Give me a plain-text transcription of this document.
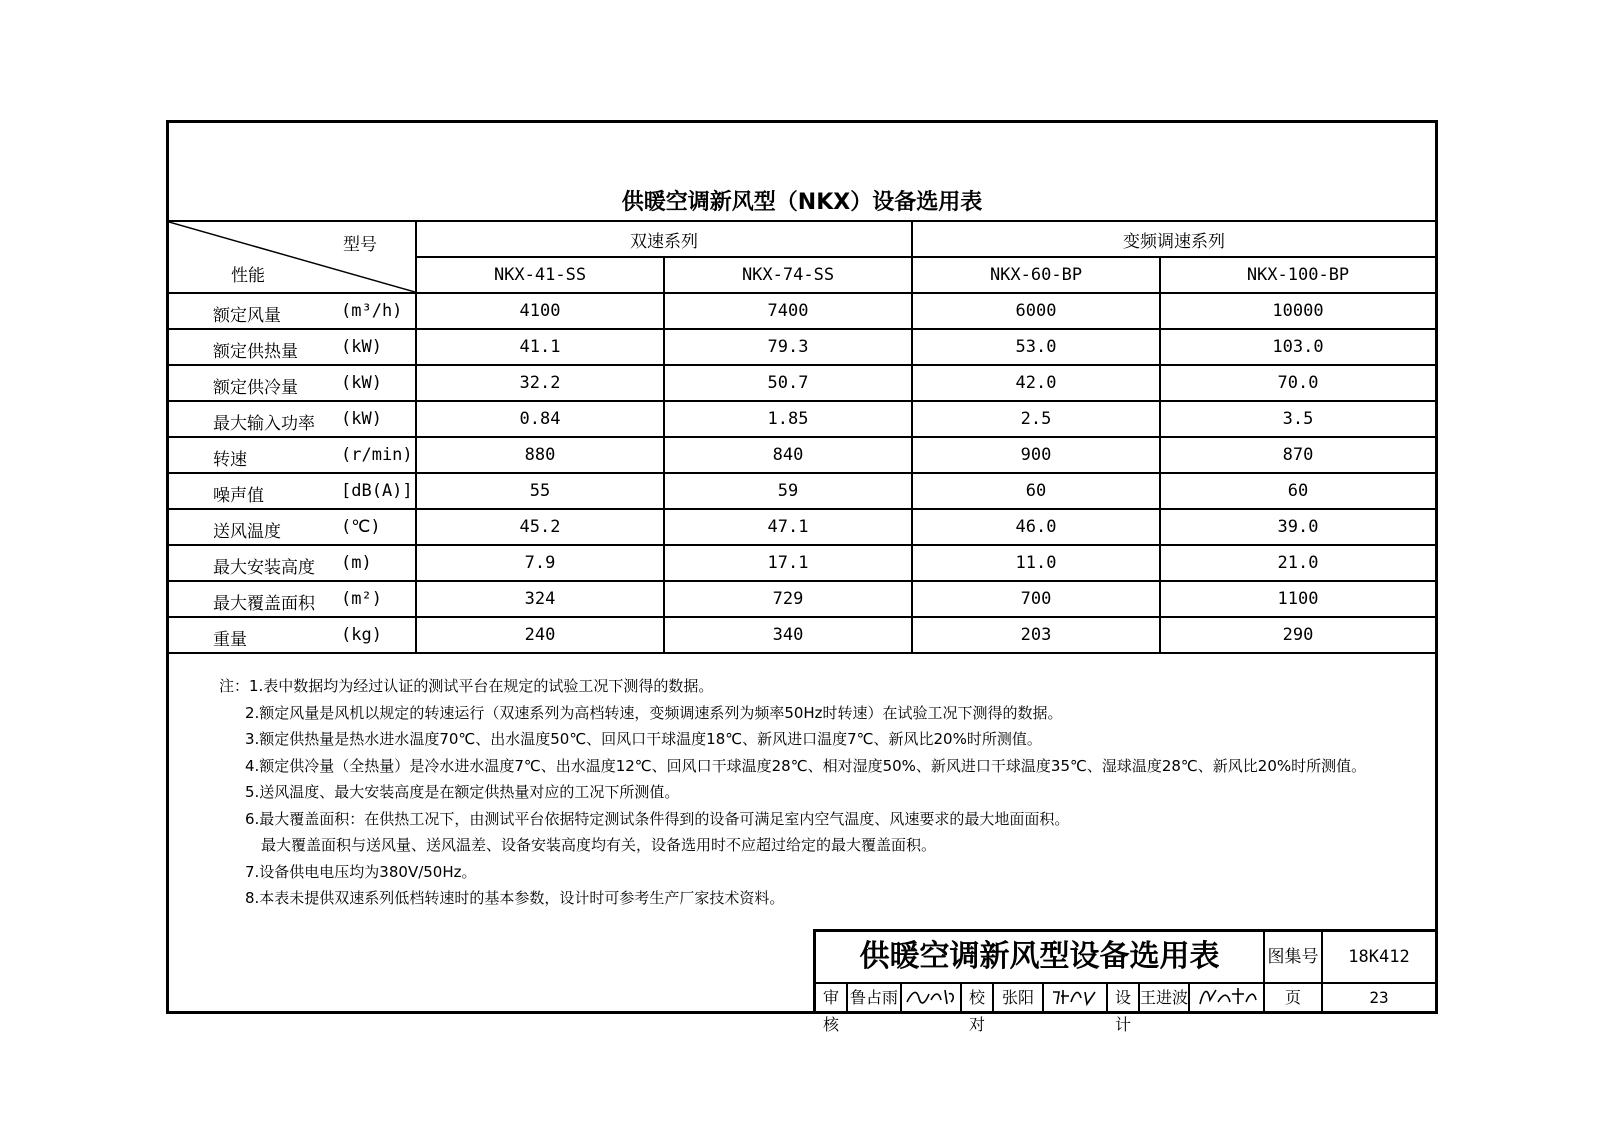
供暖空调新风型（NKX）设备选用表
型号
性能	双速系列		变频调速系列	
	NKX-41-SS	NKX-74-SS	NKX-60-BP	NKX-100-BP

额定风量 (m³/h)	4100	7400	6000	10000

额定供热量 (kW)	41.1	79.3	53.0	103.0

额定供冷量 (kW)	32.2	50.7	42.0	70.0

最大输入功率 (kW)	0.84	1.85	2.5	3.5

转速 (r/min)	880	840	900	870

噪声值 [dB(A)]	55	59	60	60

送风温度 (℃)	45.2	47.1	46.0	39.0

最大安装高度 (m)	7.9	17.1	11.0	21.0

最大覆盖面积 (m²)	324	729	700	1100

重量 (kg)	240	340	203	290
注：1.表中数据均为经过认证的测试平台在规定的试验工况下测得的数据。
2.额定风量是风机以规定的转速运行（双速系列为高档转速，变频调速系列为频率50Hz时转速）在试验工况下测得的数据。
3.额定供热量是热水进水温度70℃、出水温度50℃、回风口干球温度18℃、新风进口温度7℃、新风比20%时所测值。
4.额定供冷量（全热量）是冷水进水温度7℃、出水温度12℃、回风口干球温度28℃、相对湿度50%、新风进口干球温度35℃、湿球温度28℃、新风比20%时所测值。
5.送风温度、最大安装高度是在额定供热量对应的工况下所测值。
6.最大覆盖面积：在供热工况下，由测试平台依据特定测试条件得到的设备可满足室内空气温度、风速要求的最大地面面积。
最大覆盖面积与送风量、送风温差、设备安装高度均有关，设备选用时不应超过给定的最大覆盖面积。
7.设备供电电压均为380V/50Hz。
8.本表未提供双速系列低档转速时的基本参数，设计时可参考生产厂家技术资料。
供暖空调新风型设备选用表	图集号	18K412
审核
鲁占雨	校对
张阳	设计
王进波	页	23
